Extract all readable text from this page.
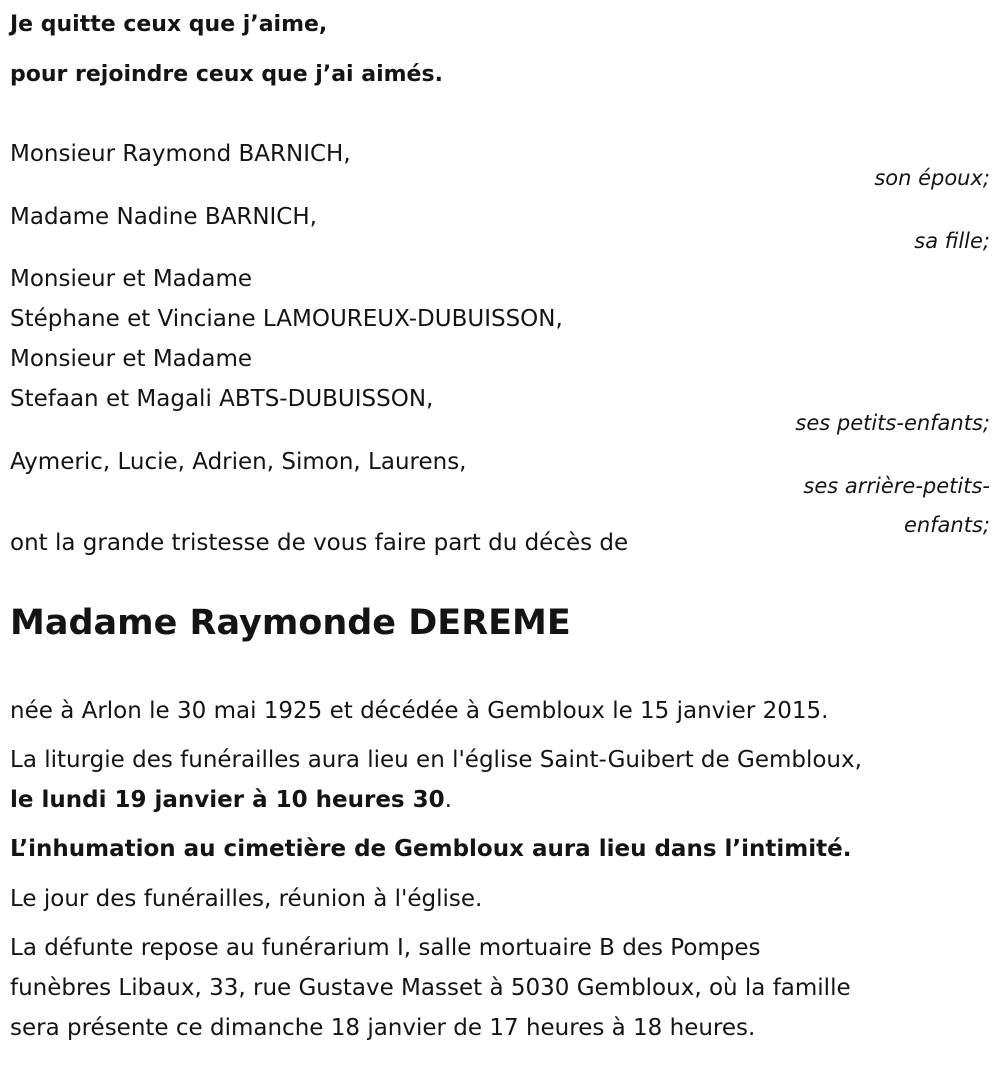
Je quitte ceux que j’aime,

pour rejoindre ceux que j’ai aimés.

Monsieur Raymond BARNICH,

son époux;

Madame Nadine BARNICH,

sa fille;

Monsieur et Madame

Stéphane et Vinciane LAMOUREUX-DUBUISSON,

Monsieur et Madame

Stefaan et Magali ABTS-DUBUISSON,

ses petits-enfants;

Aymeric, Lucie, Adrien, Simon, Laurens,

ses arrière-petits-

enfants;

ont la grande tristesse de vous faire part du décès de

Madame Raymonde DEREME

née à Arlon le 30 mai 1925 et décédée à Gembloux le 15 janvier 2015.

La liturgie des funérailles aura lieu en l'église Saint-Guibert de Gembloux,

le lundi 19 janvier à 10 heures 30.

L’inhumation au cimetière de Gembloux aura lieu dans l’intimité.

Le jour des funérailles, réunion à l'église.

La défunte repose au funérarium I, salle mortuaire B des Pompes

funèbres Libaux, 33, rue Gustave Masset à 5030 Gembloux, où la famille

sera présente ce dimanche 18 janvier de 17 heures à 18 heures.
